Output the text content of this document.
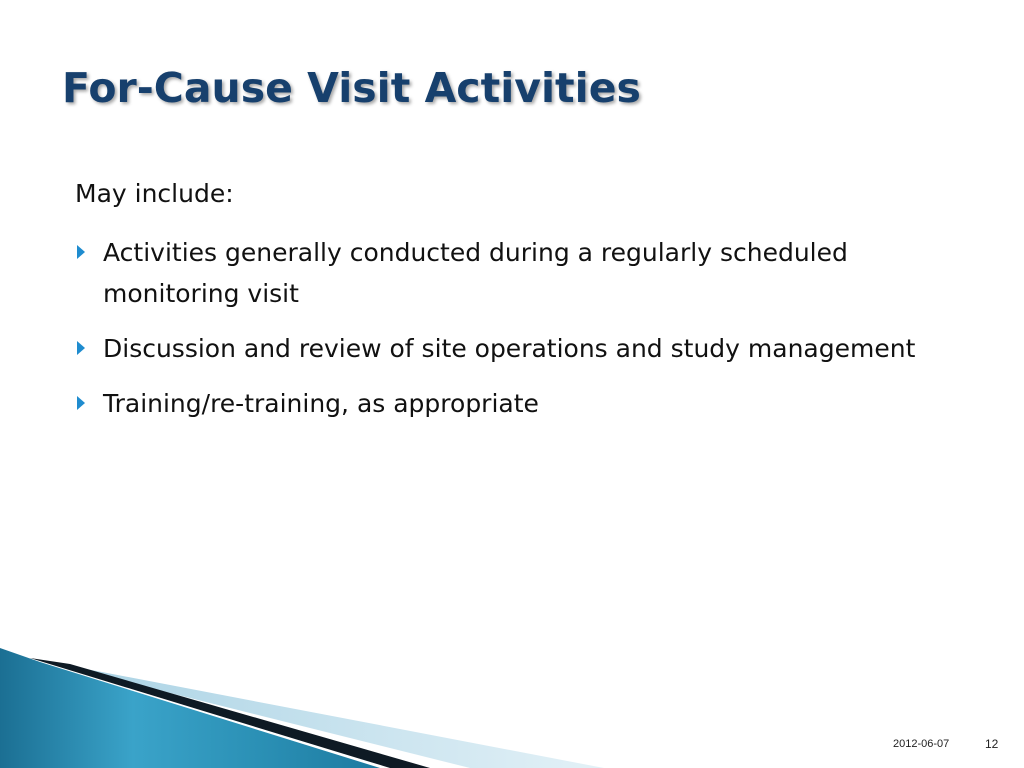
For-Cause Visit Activities

May include:

Activities generally conducted during a regularly scheduled monitoring visit
Discussion and review of site operations and study management
Training/re-training, as appropriate
2012-06-07	12
